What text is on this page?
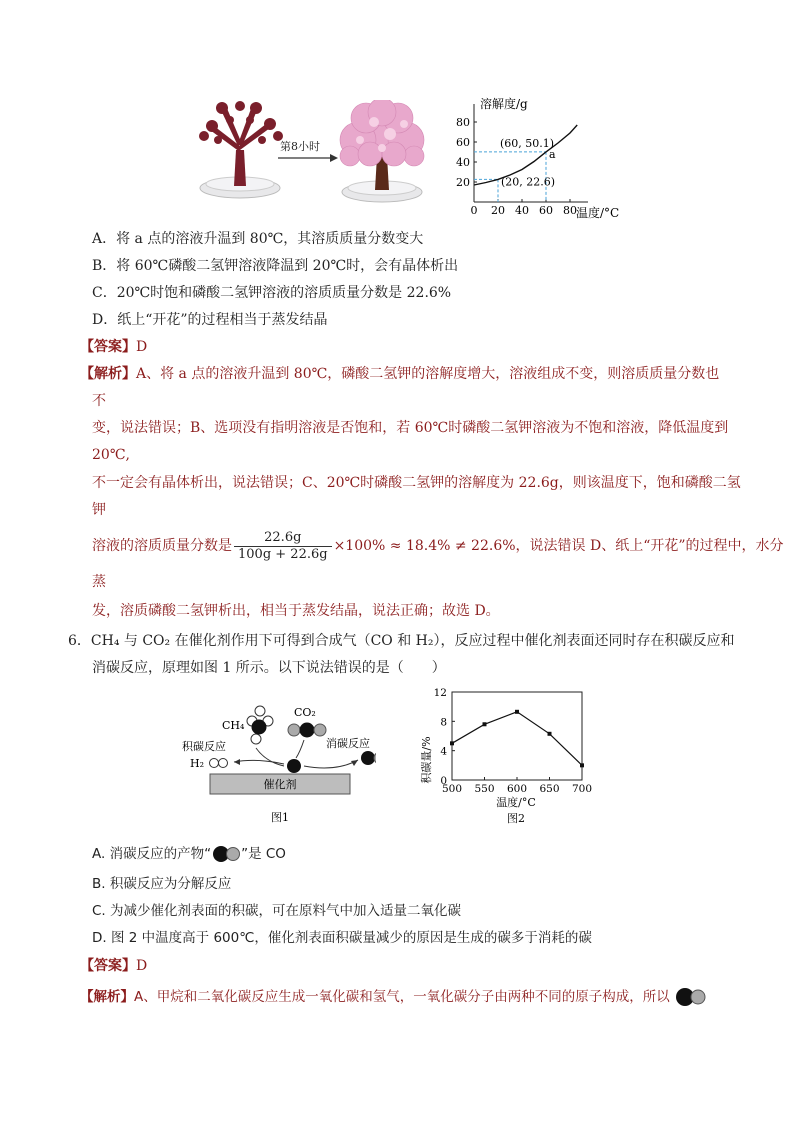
第8小时
溶解度/g
温度/°C
0 20 40 60 80
20
40
60
80
(60, 50.1)
a
(20, 22.6)
A．将 a 点的溶液升温到 80℃，其溶质质量分数变大
B．将 60℃磷酸二氢钾溶液降温到 20℃时，会有晶体析出
C．20℃时饱和磷酸二氢钾溶液的溶质质量分数是 22.6%
D．纸上“开花”的过程相当于蒸发结晶
【答案】D
【解析】A、将 a 点的溶液升温到 80℃，磷酸二氢钾的溶解度增大，溶液组成不变，则溶质质量分数也
不
变，说法错误；B、选项没有指明溶液是否饱和，若 60℃时磷酸二氢钾溶液为不饱和溶液，降低温度到
20℃,
不一定会有晶体析出，说法错误；C、20℃时磷酸二氢钾的溶解度为 22.6g，则该温度下，饱和磷酸二氢
钾
溶液的溶质质量分数是 $\frac{22.6g}{100g + 22.6g} \times 100\% \approx 18.4\% \ne 22.6\%$，说法错误 D、纸上“开花”的过程中，水分
蒸
发，溶质磷酸二氢钾析出，相当于蒸发结晶，说法正确；故选 D。
6．CH₄ 与 CO₂ 在催化剂作用下可得到合成气（CO 和 H₂），反应过程中催化剂表面还同时存在积碳反应和
消碳反应，原理如图 1 所示。以下说法错误的是（　　）
CH₄
CO₂
积碳反应	消碳反应
H₂
催化剂
图1
积碳量/%
温度/°C
图2
500 550 600 650 700
0
4
8
12
A. 消碳反应的产物“ ”是 CO
B. 积碳反应为分解反应
C. 为减少催化剂表面的积碳，可在原料气中加入适量二氧化碳
D. 图 2 中温度高于 600℃，催化剂表面积碳量减少的原因是生成的碳多于消耗的碳
【答案】D
【解析】A、甲烷和二氧化碳反应生成一氧化碳和氢气，一氧化碳分子由两种不同的原子构成，所以
